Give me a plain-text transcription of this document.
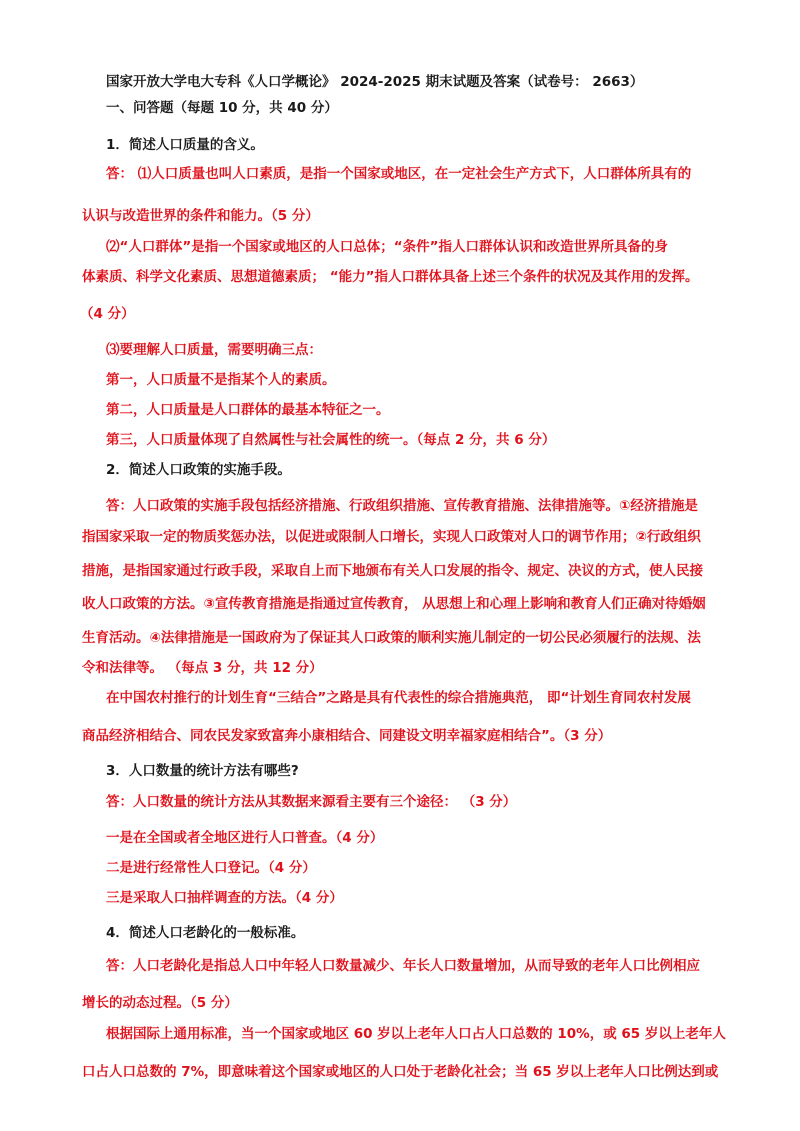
国家开放大学电大专科《人口学概论》 2024-2025 期末试题及答案（试卷号： 2663）
一、问答题（每题 10 分，共 40 分）
1．简述人口质量的含义。
答： ⑴人口质量也叫人口素质，是指一个国家或地区，在一定社会生产方式下，人口群体所具有的
认识与改造世界的条件和能力。（5 分）
⑵“人口群体”是指一个国家或地区的人口总体；“条件”指人口群体认识和改造世界所具备的身
体素质、科学文化素质、思想道德素质； “能力”指人口群体具备上述三个条件的状况及其作用的发挥。
（4 分）
⑶要理解人口质量，需要明确三点：
第一，人口质量不是指某个人的素质。
第二，人口质量是人口群体的最基本特征之一。
第三，人口质量体现了自然属性与社会属性的统一。（每点 2 分，共 6 分）
2．简述人口政策的实施手段。
答：人口政策的实施手段包括经济措施、行政组织措施、宣传教育措施、法律措施等。①经济措施是
指国家采取一定的物质奖惩办法，以促进或限制人口增长，实现人口政策对人口的调节作用；②行政组织
措施，是指国家通过行政手段，采取自上而下地颁布有关人口发展的指令、规定、决议的方式，使人民接
收人口政策的方法。③宣传教育措施是指通过宣传教育， 从思想上和心理上影响和教育人们正确对待婚姻
生育活动。④法律措施是一国政府为了保证其人口政策的顺利实施儿制定的一切公民必须履行的法规、法
令和法律等。 （每点 3 分，共 12 分）
在中国农村推行的计划生育“三结合”之路是具有代表性的综合措施典范， 即“计划生育同农村发展
商品经济相结合、同农民发家致富奔小康相结合、同建设文明幸福家庭相结合”。（3 分）
3．人口数量的统计方法有哪些?
答：人口数量的统计方法从其数据来源看主要有三个途径： （3 分）
一是在全国或者全地区进行人口普查。（4 分）
二是进行经常性人口登记。（4 分）
三是采取人口抽样调查的方法。（4 分）
4．简述人口老龄化的一般标准。
答：人口老龄化是指总人口中年轻人口数量减少、年长人口数量增加，从而导致的老年人口比例相应
增长的动态过程。（5 分）
根据国际上通用标准，当一个国家或地区 60 岁以上老年人口占人口总数的 10%，或 65 岁以上老年人
口占人口总数的 7%，即意味着这个国家或地区的人口处于老龄化社会；当 65 岁以上老年人口比例达到或
